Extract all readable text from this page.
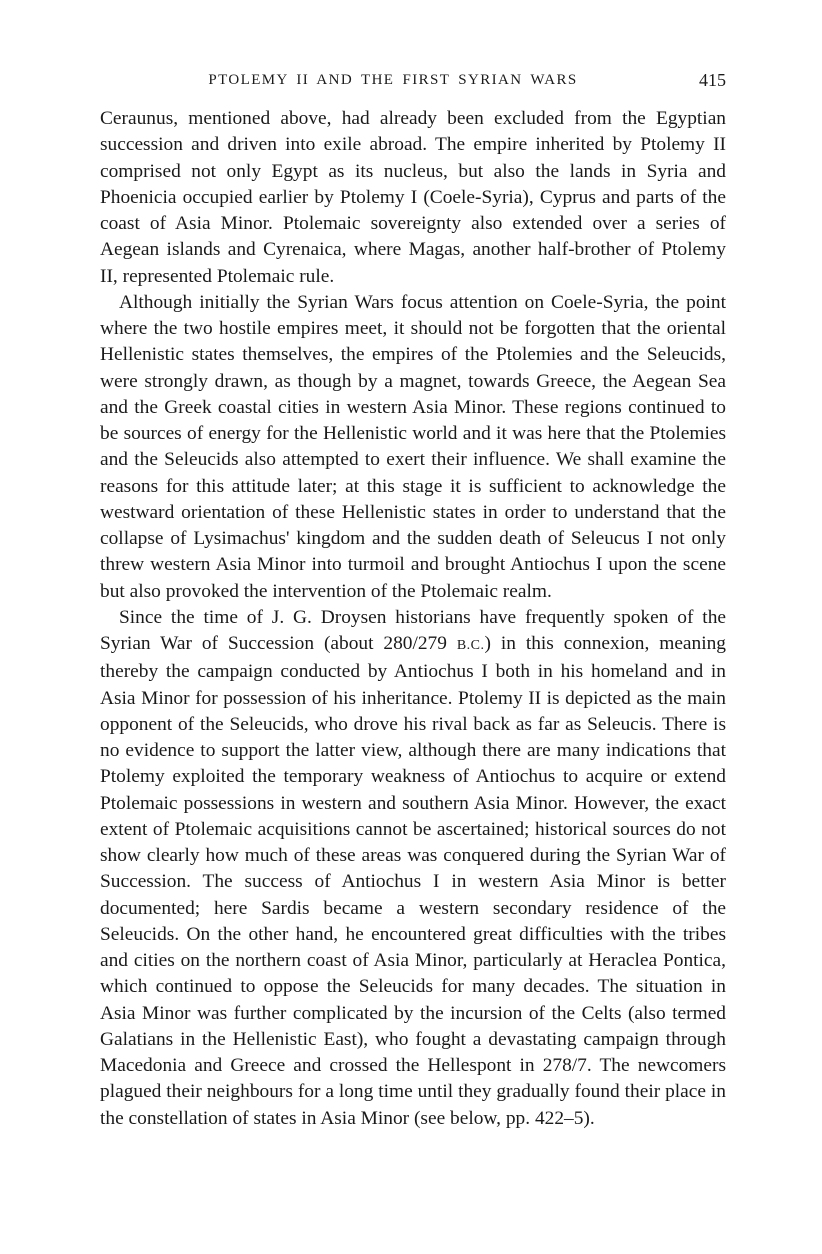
PTOLEMY II AND THE FIRST SYRIAN WARS	415

Ceraunus, mentioned above, had already been excluded from the Egyptian succession and driven into exile abroad. The empire inherited by Ptolemy II comprised not only Egypt as its nucleus, but also the lands in Syria and Phoenicia occupied earlier by Ptolemy I (Coele-Syria), Cyprus and parts of the coast of Asia Minor. Ptolemaic sovereignty also extended over a series of Aegean islands and Cyrenaica, where Magas, another half-brother of Ptolemy II, represented Ptolemaic rule.

Although initially the Syrian Wars focus attention on Coele-Syria, the point where the two hostile empires meet, it should not be forgotten that the oriental Hellenistic states themselves, the empires of the Ptolemies and the Seleucids, were strongly drawn, as though by a magnet, towards Greece, the Aegean Sea and the Greek coastal cities in western Asia Minor. These regions continued to be sources of energy for the Hellenistic world and it was here that the Ptolemies and the Seleucids also attempted to exert their influence. We shall examine the reasons for this attitude later; at this stage it is sufficient to acknowledge the westward orientation of these Hellenistic states in order to understand that the collapse of Lysimachus' kingdom and the sudden death of Seleucus I not only threw western Asia Minor into turmoil and brought Antiochus I upon the scene but also provoked the intervention of the Ptolemaic realm.

Since the time of J. G. Droysen historians have frequently spoken of the Syrian War of Succession (about 280/279 B.C.) in this connexion, meaning thereby the campaign conducted by Antiochus I both in his homeland and in Asia Minor for possession of his inheritance. Ptolemy II is depicted as the main opponent of the Seleucids, who drove his rival back as far as Seleucis. There is no evidence to support the latter view, although there are many indications that Ptolemy exploited the temporary weakness of Antiochus to acquire or extend Ptolemaic possessions in western and southern Asia Minor. However, the exact extent of Ptolemaic acquisitions cannot be ascertained; historical sources do not show clearly how much of these areas was conquered during the Syrian War of Succession. The success of Antiochus I in western Asia Minor is better documented; here Sardis became a western secondary residence of the Seleucids. On the other hand, he encountered great difficulties with the tribes and cities on the northern coast of Asia Minor, particularly at Heraclea Pontica, which continued to oppose the Seleucids for many decades. The situation in Asia Minor was further complicated by the incursion of the Celts (also termed Galatians in the Hellenistic East), who fought a devastating campaign through Macedonia and Greece and crossed the Hellespont in 278/7. The newcomers plagued their neighbours for a long time until they gradually found their place in the constellation of states in Asia Minor (see below, pp. 422–5).
